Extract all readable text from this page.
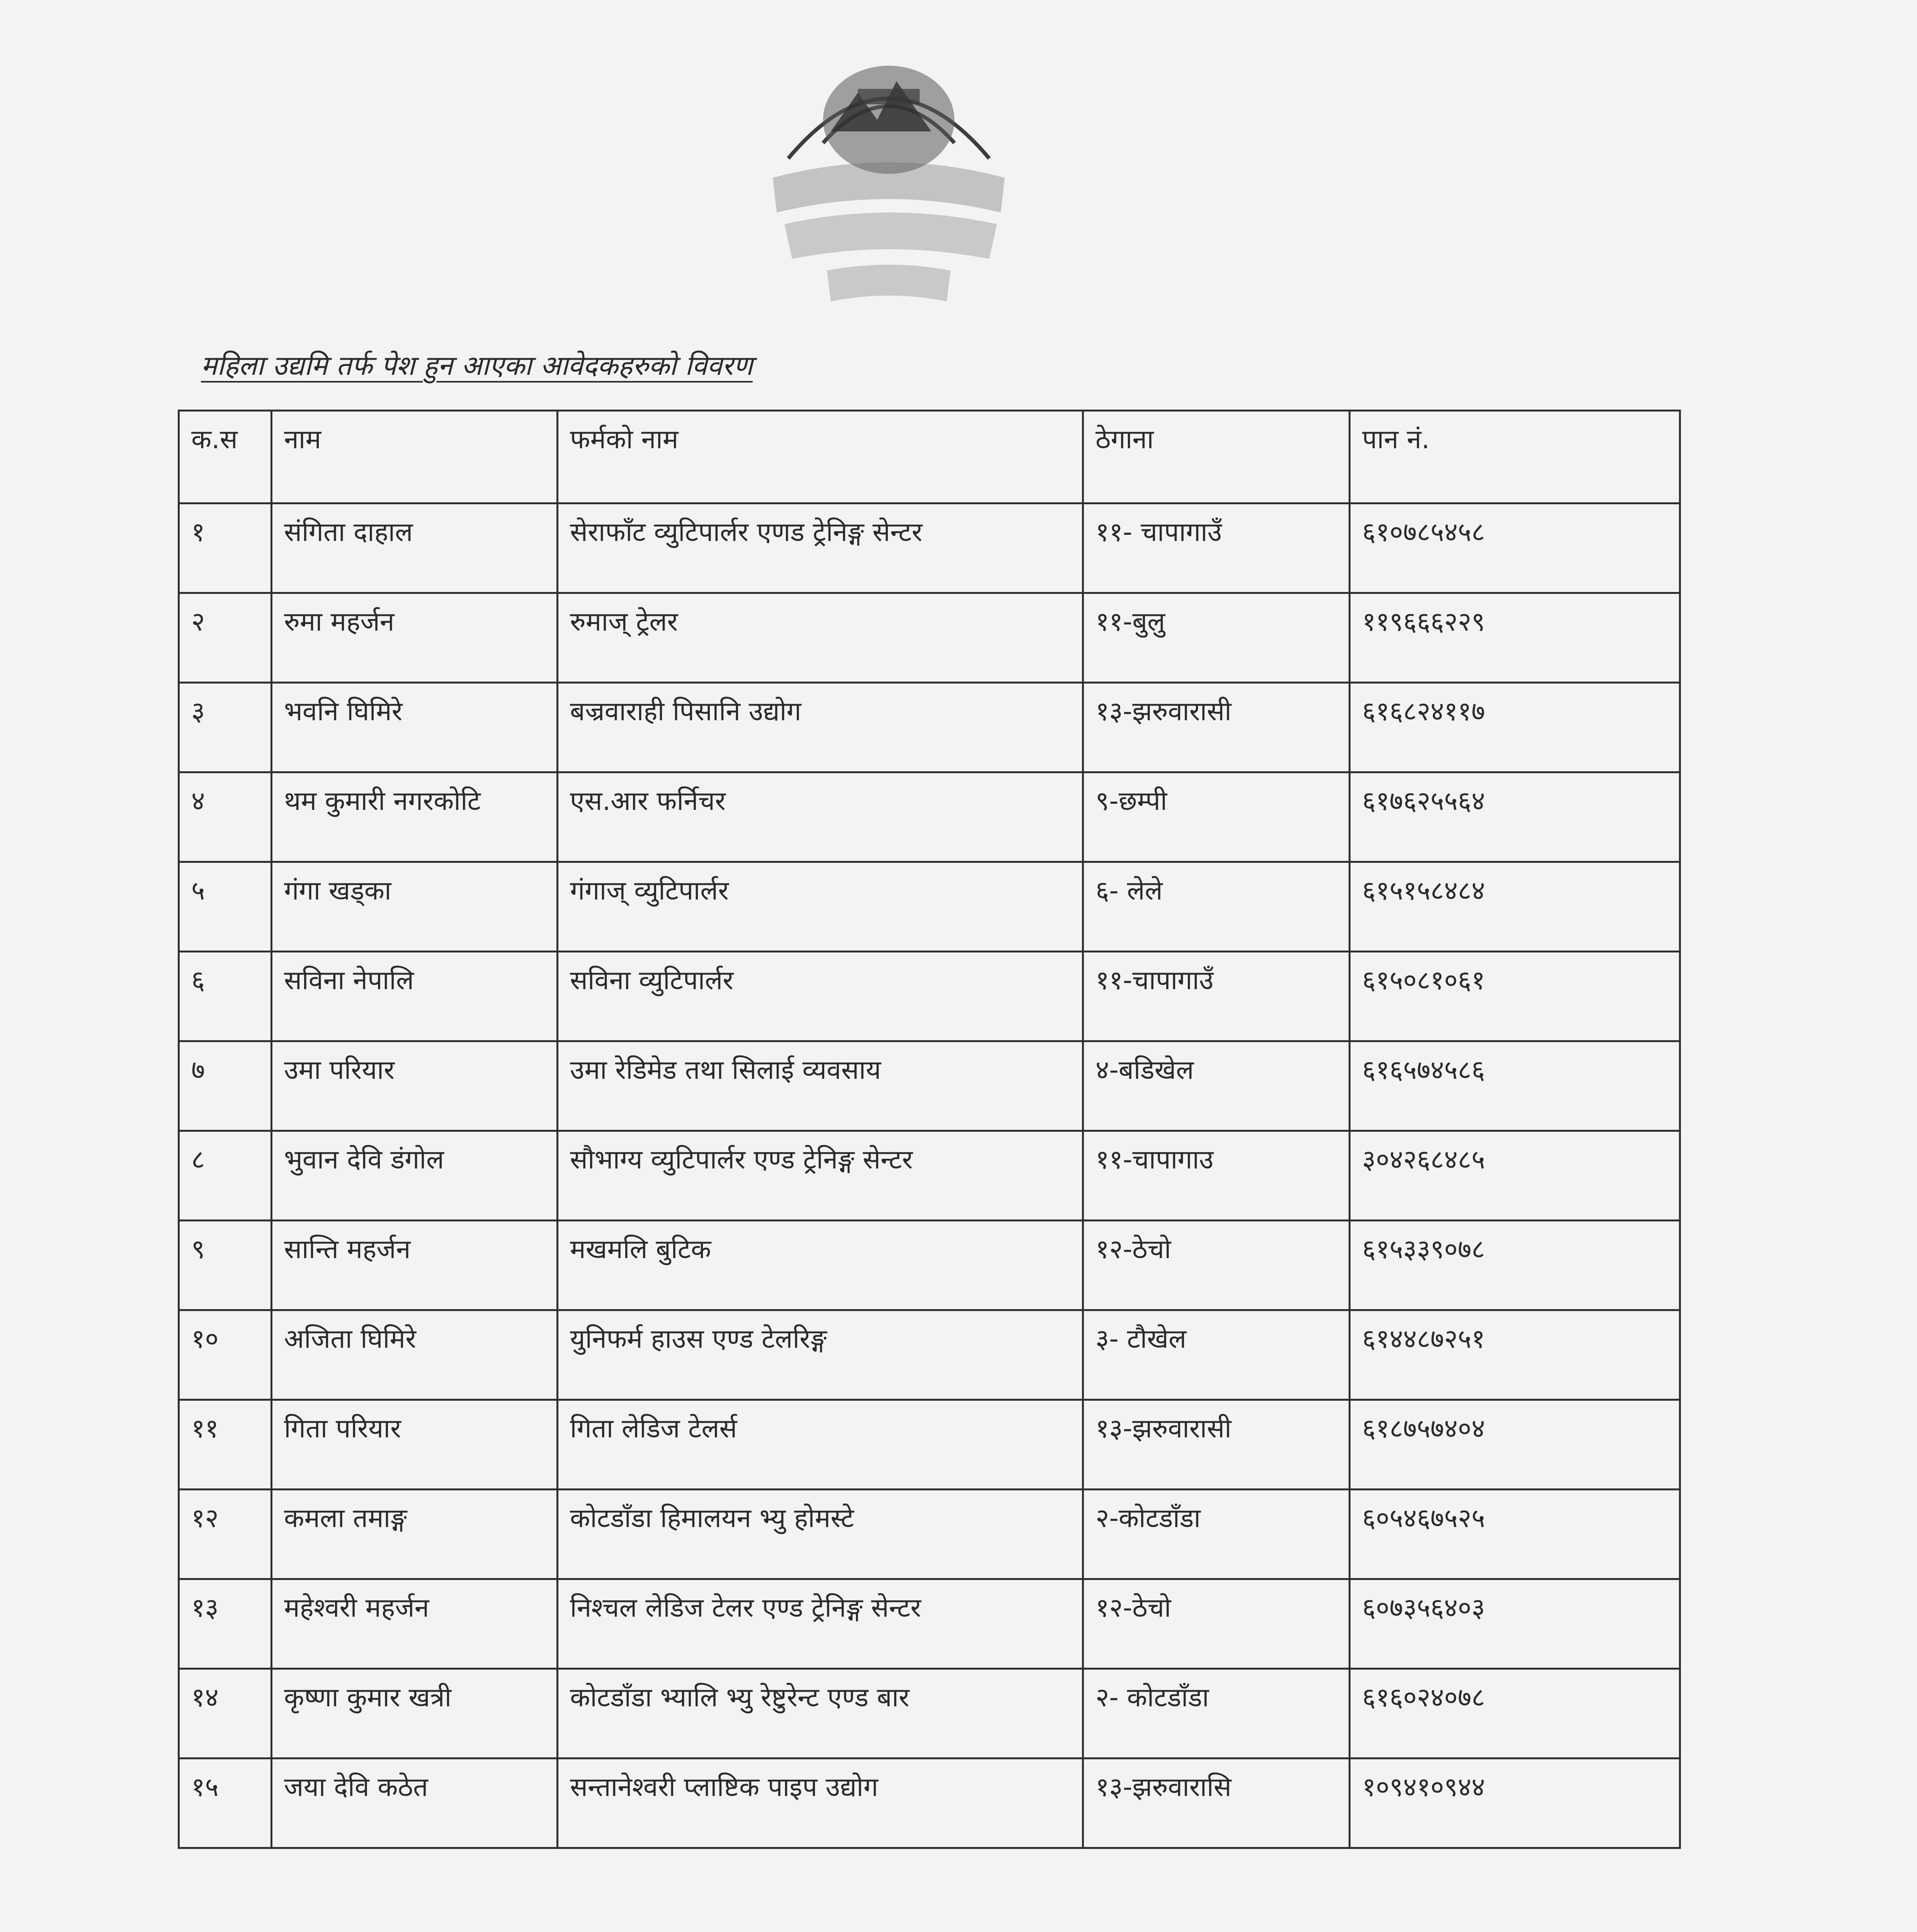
महिला उद्यमि तर्फ पेश हुन आएका आवेदकहरुको विवरण
क.स	नाम	फर्मको नाम	ठेगाना	पान नं.
१	संगिता दाहाल	सेराफाँट व्युटिपार्लर एणड ट्रेनिङ्ग सेन्टर	११- चापागाउँ	६१०७८५४५८
२	रुमा महर्जन	रुमाज् ट्रेलर	११-बुलु	११९६६६२२९
३	भवनि घिमिरे	बज्रवाराही पिसानि उद्योग	१३-झरुवारासी	६१६८२४११७
४	थम कुमारी नगरकोटि	एस.आर फर्निचर	९-छम्पी	६१७६२५५६४
५	गंगा खड्का	गंगाज् व्युटिपार्लर	६- लेले	६१५१५८४८४
६	सविना नेपालि	सविना व्युटिपार्लर	११-चापागाउँ	६१५०८१०६१
७	उमा परियार	उमा रेडिमेड तथा सिलाई व्यवसाय	४-बडिखेल	६१६५७४५८६
८	भुवान देवि डंगोल	सौभाग्य व्युटिपार्लर एण्ड ट्रेनिङ्ग सेन्टर	११-चापागाउ	३०४२६८४८५
९	सान्ति महर्जन	मखमलि बुटिक	१२-ठेचो	६१५३३९०७८
१०	अजिता घिमिरे	युनिफर्म हाउस एण्ड टेलरिङ्ग	३- टौखेल	६१४४८७२५१
११	गिता परियार	गिता लेडिज टेलर्स	१३-झरुवारासी	६१८७५७४०४
१२	कमला तमाङ्ग	कोटडाँडा हिमालयन भ्यु होमस्टे	२-कोटडाँडा	६०५४६७५२५
१३	महेश्वरी महर्जन	निश्चल लेडिज टेलर एण्ड ट्रेनिङ्ग सेन्टर	१२-ठेचो	६०७३५६४०३
१४	कृष्णा कुमार खत्री	कोटडाँडा भ्यालि भ्यु रेष्टुरेन्ट एण्ड बार	२- कोटडाँडा	६१६०२४०७८
१५	जया देवि कठेत	सन्तानेश्वरी प्लाष्टिक पाइप उद्योग	१३-झरुवारासि	१०९४१०९४४
